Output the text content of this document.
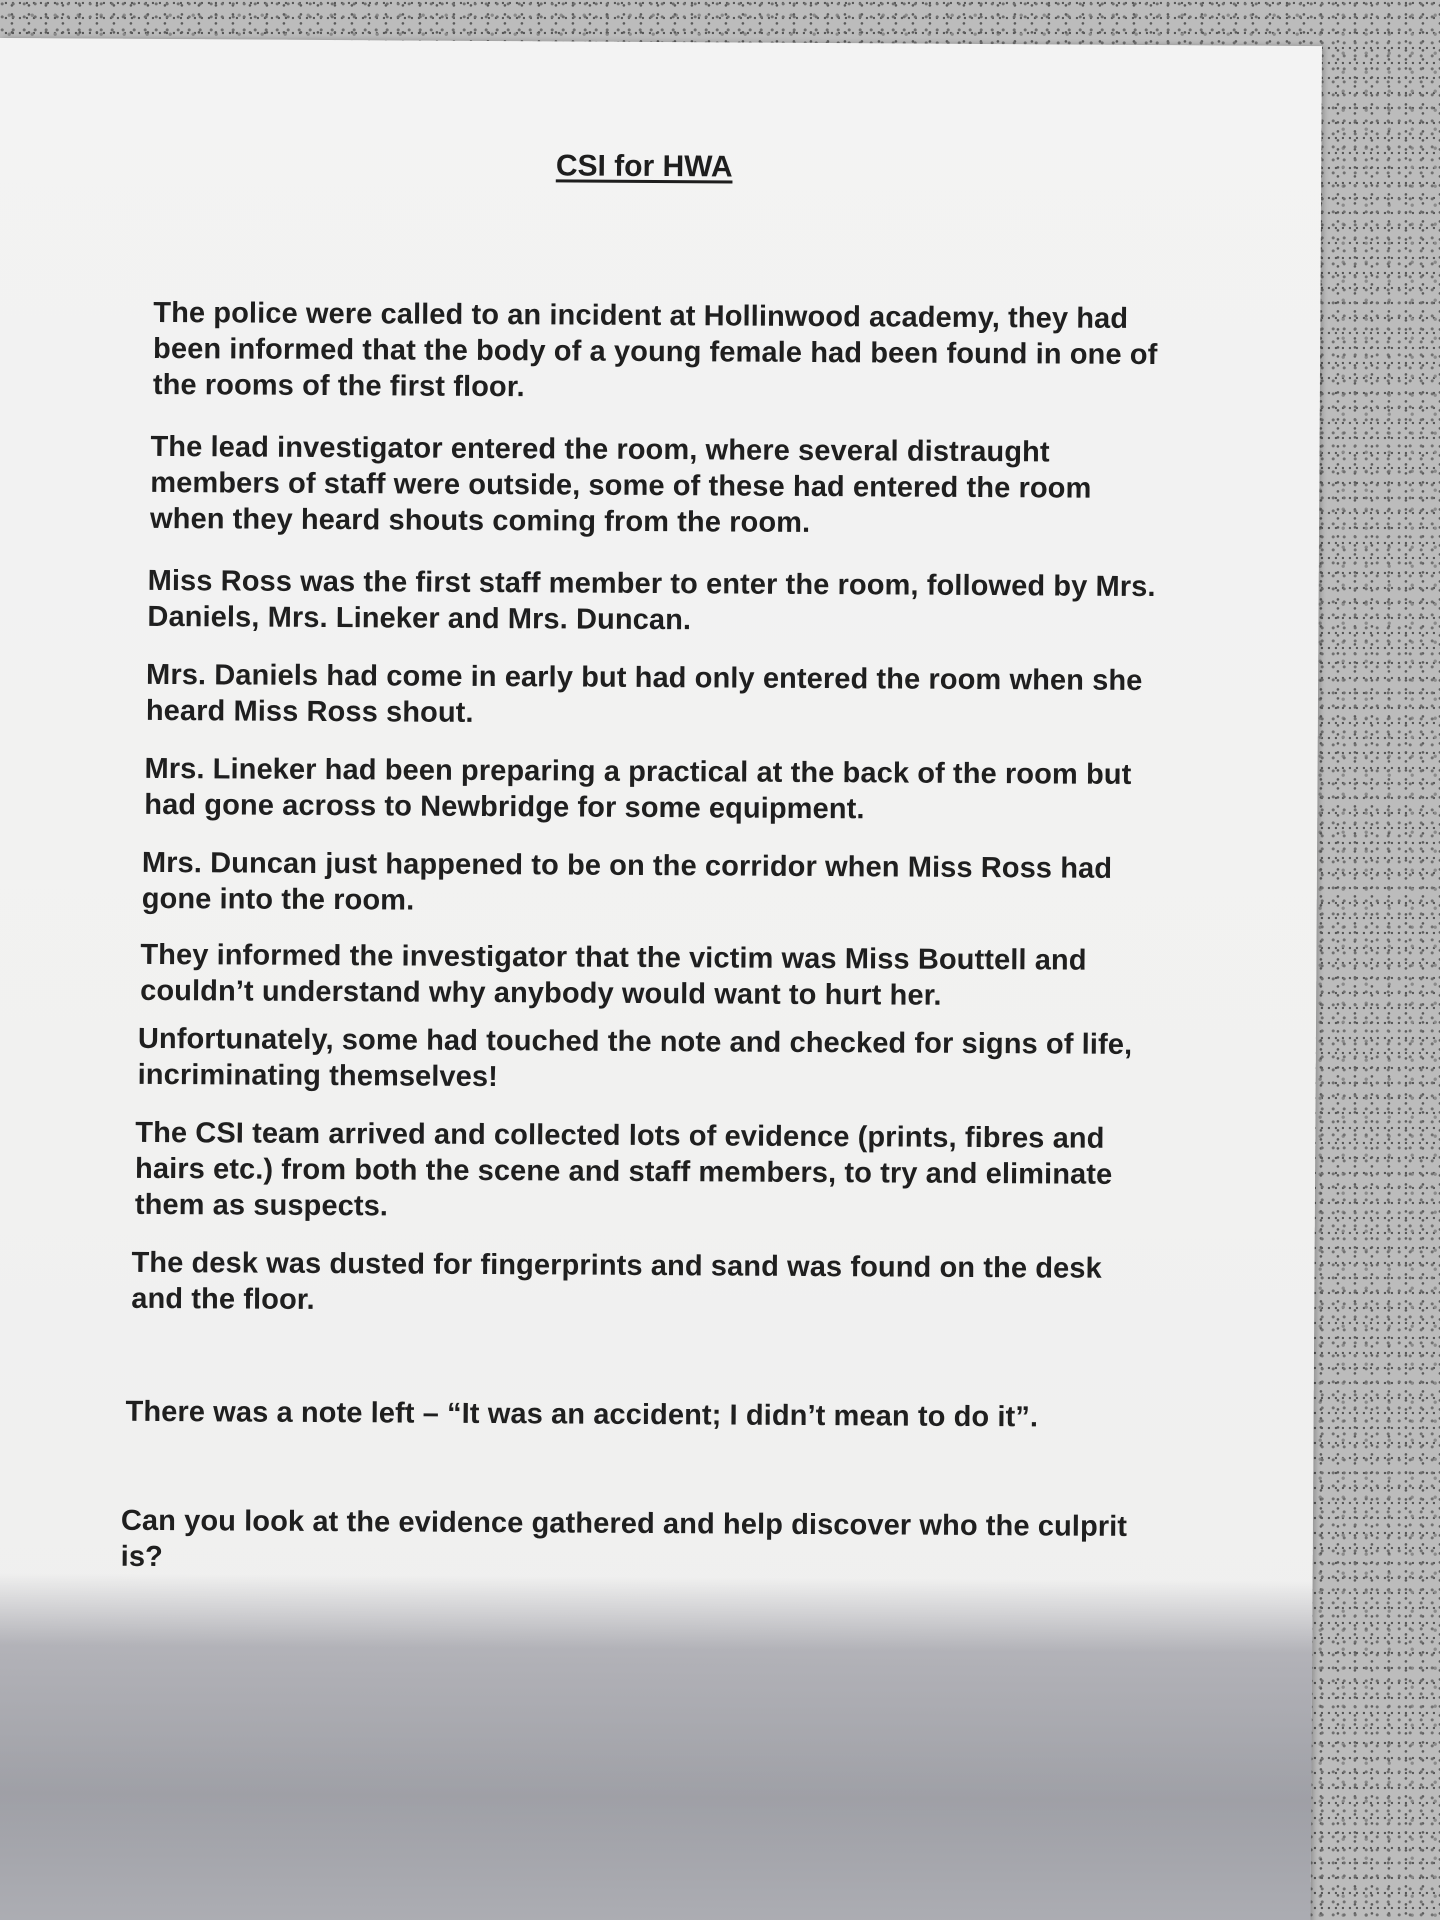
CSI for HWA

The police were called to an incident at Hollinwood academy, they had been informed that the body of a young female had been found in one of the rooms of the first floor.

The lead investigator entered the room, where several distraught members of staff were outside, some of these had entered the room when they heard shouts coming from the room.

Miss Ross was the first staff member to enter the room, followed by Mrs. Daniels, Mrs. Lineker and Mrs. Duncan.

Mrs. Daniels had come in early but had only entered the room when she heard Miss Ross shout.

Mrs. Lineker had been preparing a practical at the back of the room but had gone across to Newbridge for some equipment.

Mrs. Duncan just happened to be on the corridor when Miss Ross had gone into the room.

They informed the investigator that the victim was Miss Bouttell and couldn’t understand why anybody would want to hurt her.

Unfortunately, some had touched the note and checked for signs of life, incriminating themselves!

The CSI team arrived and collected lots of evidence (prints, fibres and hairs etc.) from both the scene and staff members, to try and eliminate them as suspects.

The desk was dusted for fingerprints and sand was found on the desk and the floor.

There was a note left – “It was an accident; I didn’t mean to do it”.

Can you look at the evidence gathered and help discover who the culprit is?
